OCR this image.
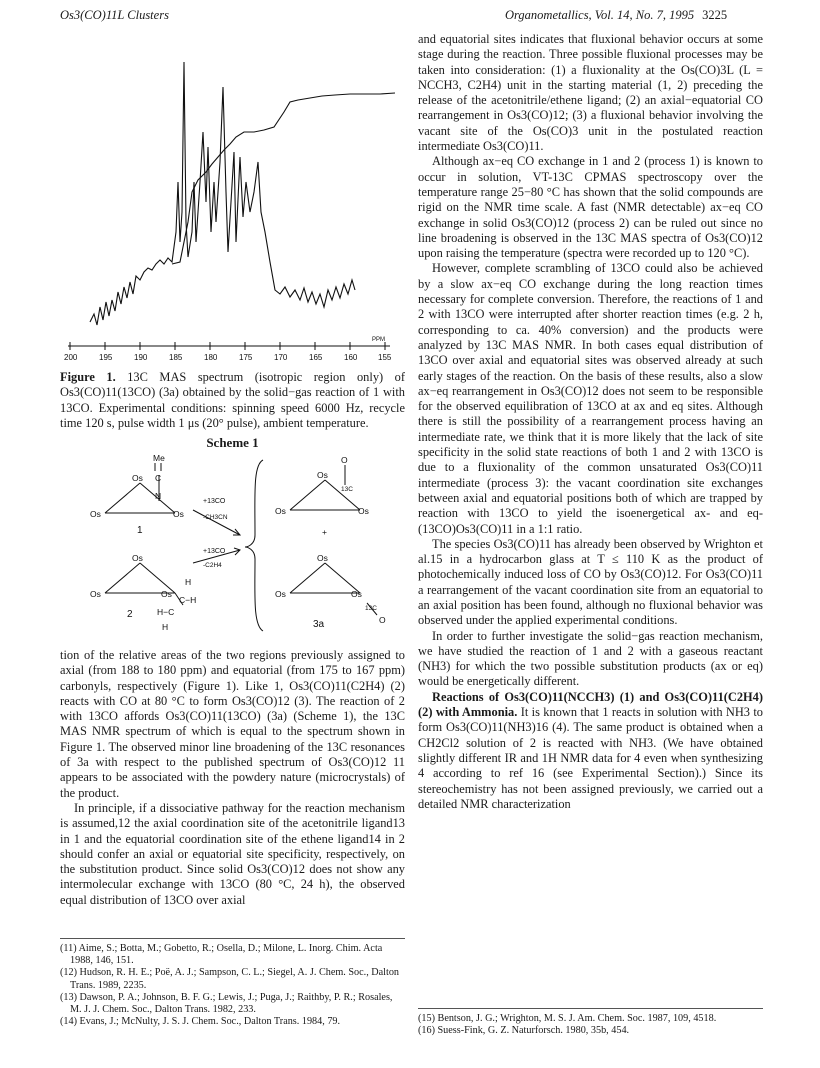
Os3(CO)11L Clusters	Organometallics, Vol. 14, No. 7, 1995 3225
200	195	190	185	180	175	170	165	160	155
PPM
Figure 1. 13C MAS spectrum (isotropic region only) of Os3(CO)11(13CO) (3a) obtained by the solid−gas reaction of 1 with 13CO. Experimental conditions: spinning speed 6000 Hz, recycle time 120 s, pulse width 1 μs (20° pulse), ambient temperature.
Scheme 1
Me
C
N
Os
Os	Os
1
+13CO
-CH3CN
+13CO
-C2H4
Os
Os	Os
H
C−H
H−C
H
2
Os
Os	Os
O
13C
+
Os
Os	Os
13C
O
3a

tion of the relative areas of the two regions previously assigned to axial (from 188 to 180 ppm) and equatorial (from 175 to 167 ppm) carbonyls, respectively (Figure 1). Like 1, Os3(CO)11(C2H4) (2) reacts with CO at 80 °C to form Os3(CO)12 (3). The reaction of 2 with 13CO affords Os3(CO)11(13CO) (3a) (Scheme 1), the 13C MAS NMR spectrum of which is equal to the spectrum shown in Figure 1. The observed minor line broadening of the 13C resonances of 3a with respect to the published spectrum of Os3(CO)12 11 appears to be associated with the powdery nature (microcrystals) of the product.

In principle, if a dissociative pathway for the reaction mechanism is assumed,12 the axial coordination site of the acetonitrile ligand13 in 1 and the equatorial coordination site of the ethene ligand14 in 2 should confer an axial or equatorial site specificity, respectively, on the substitution product. Since solid Os3(CO)12 does not show any intermolecular exchange with 13CO (80 °C, 24 h), the observed equal distribution of 13CO over axial

(11) Aime, S.; Botta, M.; Gobetto, R.; Osella, D.; Milone, L. Inorg. Chim. Acta 1988, 146, 151.
(12) Hudson, R. H. E.; Poë, A. J.; Sampson, C. L.; Siegel, A. J. Chem. Soc., Dalton Trans. 1989, 2235.
(13) Dawson, P. A.; Johnson, B. F. G.; Lewis, J.; Puga, J.; Raithby, P. R.; Rosales, M. J. J. Chem. Soc., Dalton Trans. 1982, 233.
(14) Evans, J.; McNulty, J. S. J. Chem. Soc., Dalton Trans. 1984, 79.

and equatorial sites indicates that fluxional behavior occurs at some stage during the reaction. Three possible fluxional processes may be taken into consideration: (1) a fluxionality at the Os(CO)3L (L = NCCH3, C2H4) unit in the starting material (1, 2) preceding the release of the acetonitrile/ethene ligand; (2) an axial−equatorial CO rearrangement in Os3(CO)12; (3) a fluxional behavior involving the vacant site of the Os(CO)3 unit in the postulated reaction intermediate Os3(CO)11.

Although ax−eq CO exchange in 1 and 2 (process 1) is known to occur in solution, VT-13C CPMAS spectroscopy over the temperature range 25−80 °C has shown that the solid compounds are rigid on the NMR time scale. A fast (NMR detectable) ax−eq CO exchange in solid Os3(CO)12 (process 2) can be ruled out since no line broadening is observed in the 13C MAS spectra of Os3(CO)12 upon raising the temperature (spectra were recorded up to 120 °C).

However, complete scrambling of 13CO could also be achieved by a slow ax−eq CO exchange during the long reaction times necessary for complete conversion. Therefore, the reactions of 1 and 2 with 13CO were interrupted after shorter reaction times (e.g. 2 h, corresponding to ca. 40% conversion) and the products were analyzed by 13C MAS NMR. In both cases equal distribution of 13CO over axial and equatorial sites was observed already at such early stages of the reaction. On the basis of these results, also a slow ax−eq rearrangement in Os3(CO)12 does not seem to be responsible for the observed equilibration of 13CO at ax and eq sites. Although there is still the possibility of a rearrangement process having an intermediate rate, we think that it is more likely that the lack of site specificity in the solid state reactions of both 1 and 2 with 13CO is due to a fluxionality of the common unsaturated Os3(CO)11 intermediate (process 3): the vacant coordination site exchanges between axial and equatorial positions both of which are trapped by reaction with 13CO to yield the isoenergetical ax- and eq-(13CO)Os3(CO)11 in a 1:1 ratio.

The species Os3(CO)11 has already been observed by Wrighton et al.15 in a hydrocarbon glass at T ≤ 110 K as the product of photochemically induced loss of CO by Os3(CO)12. For Os3(CO)11 a rearrangement of the vacant coordination site from an equatorial to an axial position has been found, although no fluxional behavior was observed under the applied experimental conditions.

In order to further investigate the solid−gas reaction mechanism, we have studied the reaction of 1 and 2 with a gaseous reactant (NH3) for which the two possible substitution products (ax or eq) would be energetically different.

Reactions of Os3(CO)11(NCCH3) (1) and Os3(CO)11(C2H4) (2) with Ammonia. It is known that 1 reacts in solution with NH3 to form Os3(CO)11(NH3)16 (4). The same product is obtained when a CH2Cl2 solution of 2 is reacted with NH3. (We have obtained slightly different IR and 1H NMR data for 4 even when synthesizing 4 according to ref 16 (see Experimental Section).) Since its stereochemistry has not been assigned previously, we carried out a detailed NMR characterization

(15) Bentson, J. G.; Wrighton, M. S. J. Am. Chem. Soc. 1987, 109, 4518.
(16) Suess-Fink, G. Z. Naturforsch. 1980, 35b, 454.
